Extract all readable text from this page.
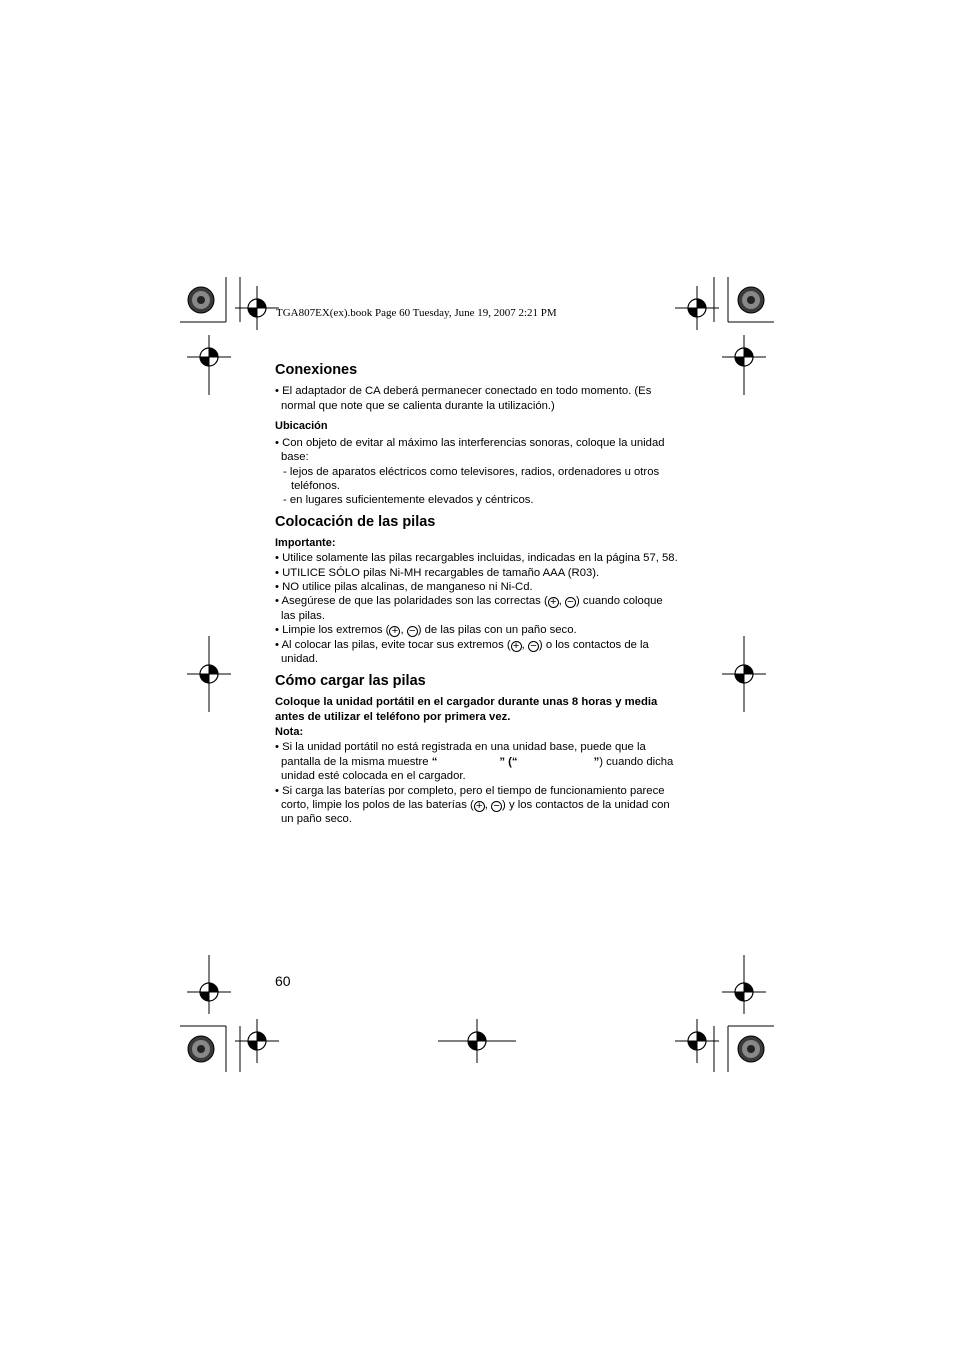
TGA807EX(ex).book Page 60 Tuesday, June 19, 2007 2:21 PM
Conexiones
• El adaptador de CA deberá permanecer conectado en todo momento. (Es
normal que note que se calienta durante la utilización.)
Ubicación
• Con objeto de evitar al máximo las interferencias sonoras, coloque la unidad
base:
- lejos de aparatos eléctricos como televisores, radios, ordenadores u otros
teléfonos.
- en lugares suficientemente elevados y céntricos.
Colocación de las pilas
Importante:
• Utilice solamente las pilas recargables incluidas, indicadas en la página 57, 58.
• UTILICE SÓLO pilas Ni-MH recargables de tamaño AAA (R03).
• NO utilice pilas alcalinas, de manganeso ni Ni-Cd.
• Asegúrese de que las polaridades son las correctas ( + , − ) cuando coloque
las pilas.
• Limpie los extremos ( + , − ) de las pilas con un paño seco.
• Al colocar las pilas, evite tocar sus extremos ( + , − ) o los contactos de la
unidad.
Cómo cargar las pilas
Coloque la unidad portátil en el cargador durante unas 8 horas y media
antes de utilizar el teléfono por primera vez.
Nota:
• Si la unidad portátil no está registrada en una unidad base, puede que la
pantalla de la misma muestre “	” (“	”) cuando dicha
unidad esté colocada en el cargador.
• Si carga las baterías por completo, pero el tiempo de funcionamiento parece
corto, limpie los polos de las baterías ( + , − ) y los contactos de la unidad con
un paño seco.
60
